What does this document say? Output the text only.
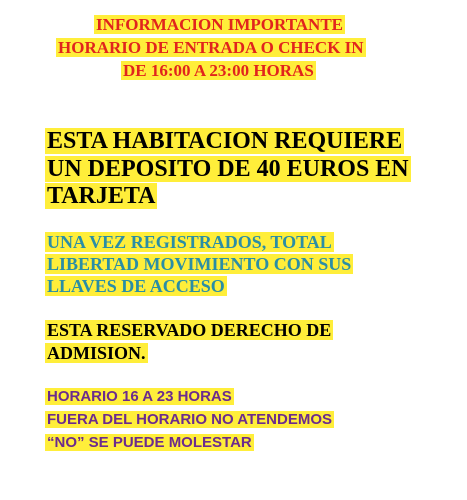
INFORMACION IMPORTANTE
HORARIO DE ENTRADA O CHECK IN
DE 16:00 A 23:00 HORAS
ESTA HABITACION REQUIERE
UN DEPOSITO DE 40 EUROS EN
TARJETA
UNA VEZ REGISTRADOS, TOTAL
LIBERTAD MOVIMIENTO CON SUS
LLAVES DE ACCESO
ESTA RESERVADO DERECHO DE
ADMISION.
HORARIO 16 A 23 HORAS
FUERA DEL HORARIO NO ATENDEMOS
“NO” SE PUEDE MOLESTAR
